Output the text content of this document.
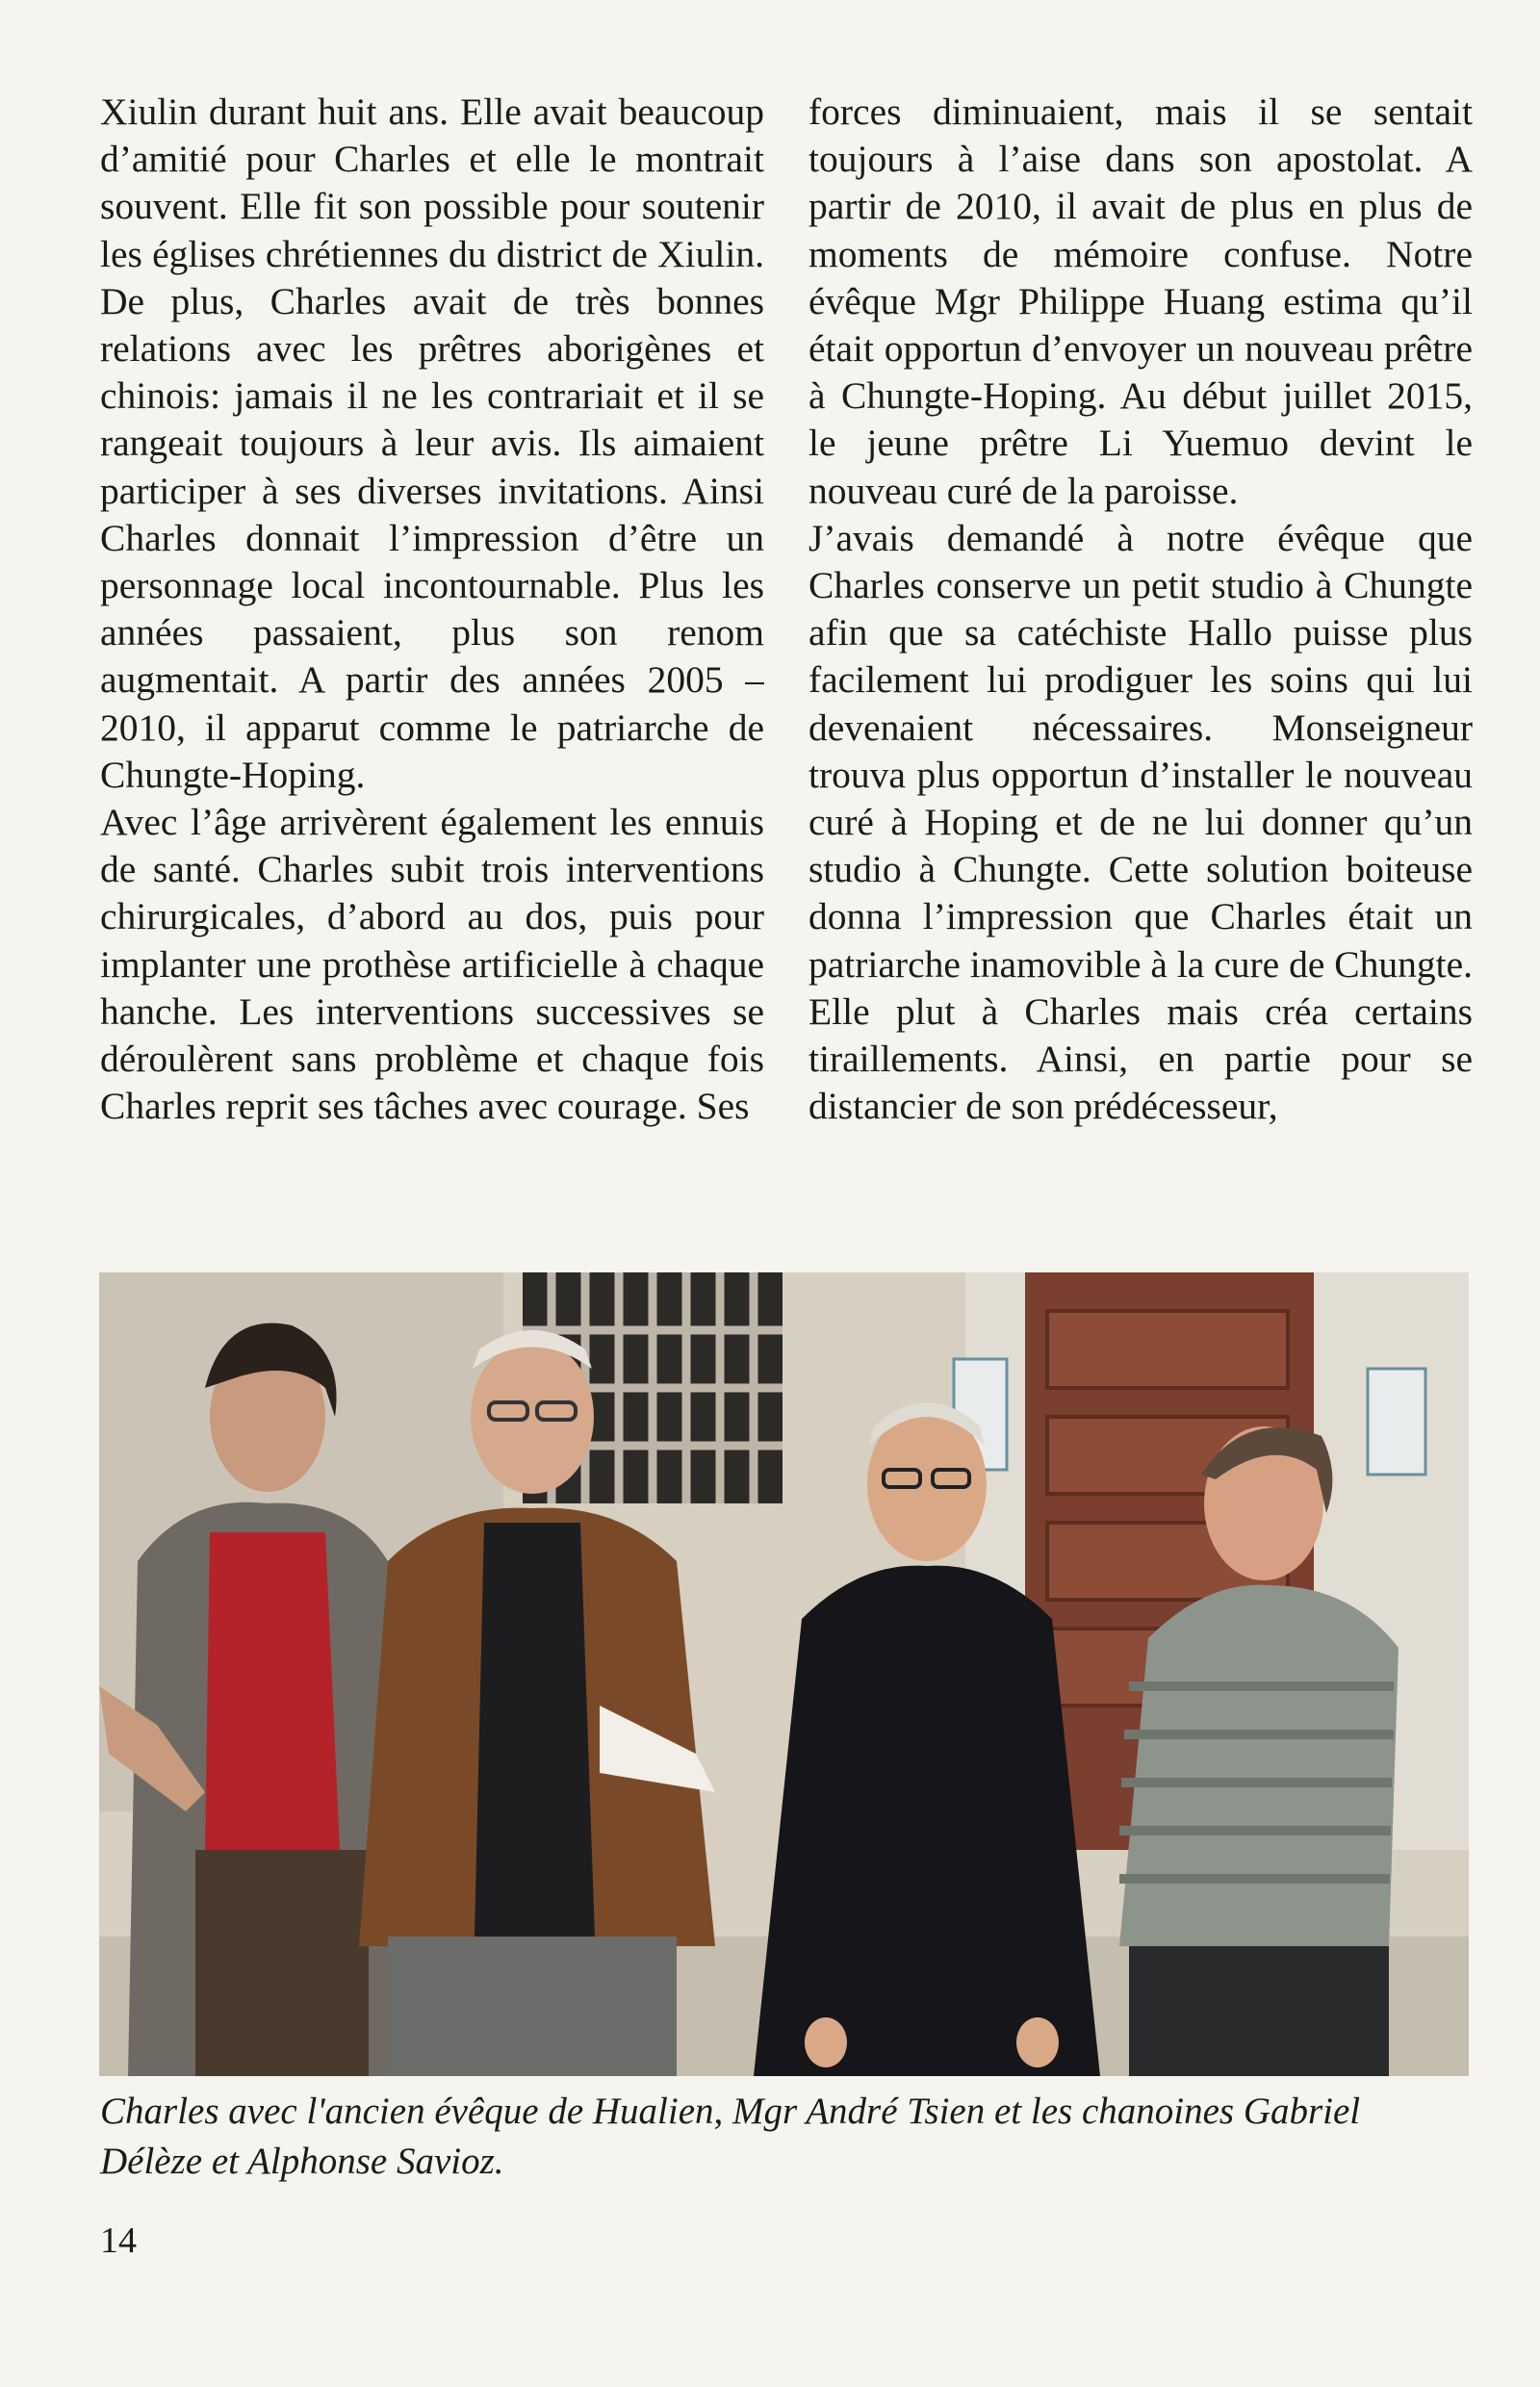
Xiulin durant huit ans. Elle avait beaucoup d’amitié pour Charles et elle le montrait souvent. Elle fit son possible pour soutenir les églises chrétiennes du district de Xiulin. De plus, Charles avait de très bonnes relations avec les prêtres aborigènes et chinois: jamais il ne les contrariait et il se rangeait toujours à leur avis. Ils aimaient participer à ses diverses invitations. Ainsi Charles donnait l’impression d’être un personnage local incontournable. Plus les années passaient, plus son renom augmentait. A partir des années 2005 – 2010, il apparut comme le patriarche de Chungte-Hoping.

Avec l’âge arrivèrent également les ennuis de santé. Charles subit trois interventions chirurgicales, d’abord au dos, puis pour implanter une prothèse artificielle à chaque hanche. Les interventions successives se déroulèrent sans problème et chaque fois Charles reprit ses tâches avec courage. Ses

forces diminuaient, mais il se sentait toujours à l’aise dans son apostolat. A partir de 2010, il avait de plus en plus de moments de mémoire confuse. Notre évêque Mgr Philippe Huang estima qu’il était opportun d’envoyer un nouveau prêtre à Chungte-Hoping. Au début juillet 2015, le jeune prêtre Li Yuemuo devint le nouveau curé de la paroisse.

J’avais demandé à notre évêque que Charles conserve un petit studio à Chungte afin que sa catéchiste Hallo puisse plus facilement lui prodiguer les soins qui lui devenaient nécessaires. Monseigneur trouva plus opportun d’installer le nouveau curé à Hoping et de ne lui donner qu’un studio à Chungte. Cette solution boiteuse donna l’impression que Charles était un patriarche inamovible à la cure de Chungte. Elle plut à Charles mais créa certains tiraillements. Ainsi, en partie pour se distancier de son prédécesseur,

Charles avec l'ancien évêque de Hualien, Mgr André Tsien et les chanoines Gabriel Délèze et Alphonse Savioz.
14
